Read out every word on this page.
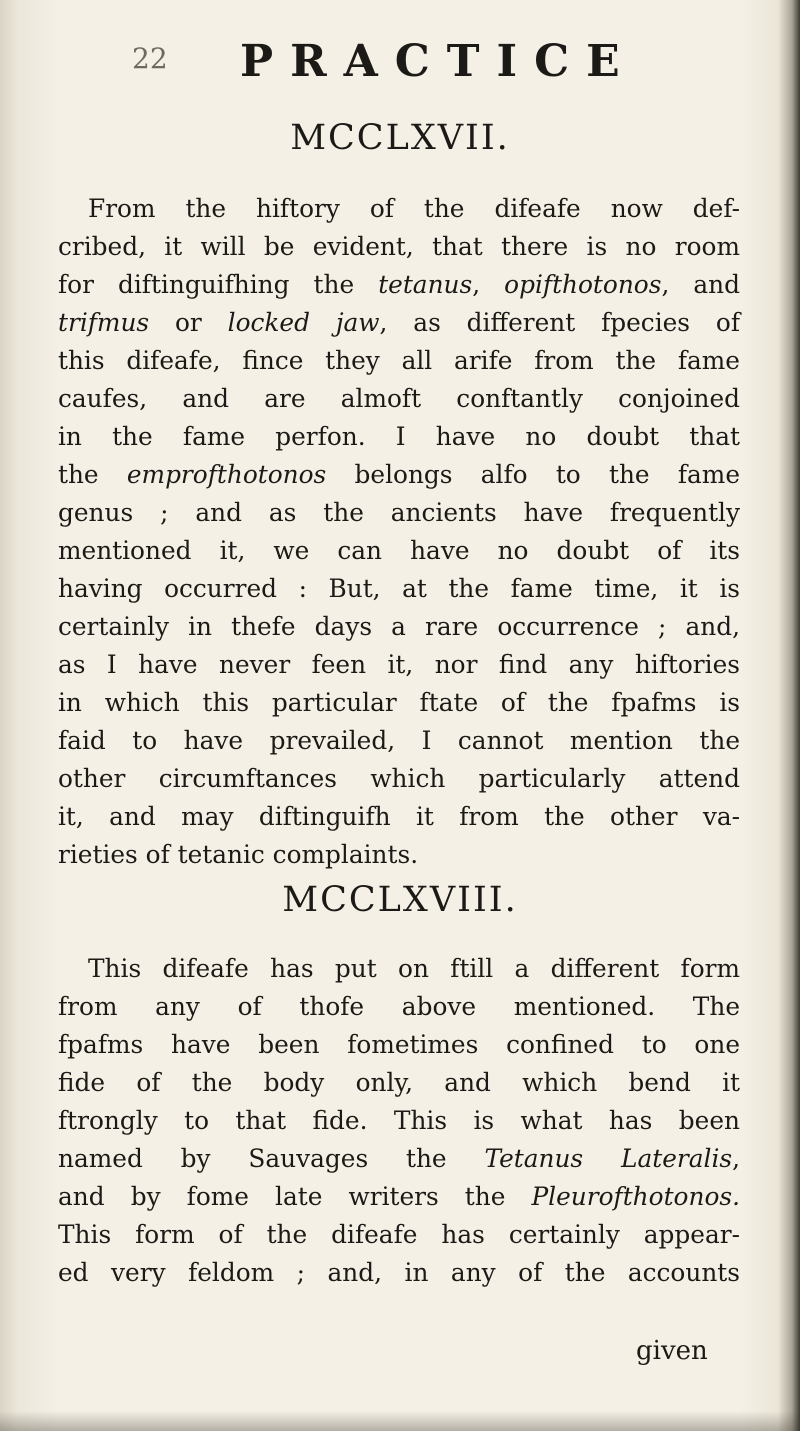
22 PRACTICE
MCCLXVII.
From the hiftory of the difeafe now def-
cribed, it will be evident, that there is no room
for diftinguifhing the tetanus, opifthotonos, and
trifmus or locked jaw, as different fpecies of
this difeafe, fince they all arife from the fame
caufes, and are almoft conftantly conjoined
in the fame perfon. I have no doubt that
the emprofthotonos belongs alfo to the fame
genus ; and as the ancients have frequently
mentioned it, we can have no doubt of its
having occurred : But, at the fame time, it is
certainly in thefe days a rare occurrence ; and,
as I have never feen it, nor find any hiftories
in which this particular ftate of the fpafms is
faid to have prevailed, I cannot mention the
other circumftances which particularly attend
it, and may diftinguifh it from the other va-
rieties of tetanic complaints.
MCCLXVIII.
This difeafe has put on ftill a different form
from any of thofe above mentioned. The
fpafms have been fometimes confined to one
fide of the body only, and which bend it
ftrongly to that fide. This is what has been
named by Sauvages the Tetanus Lateralis,
and by fome late writers the Pleurofthotonos.
This form of the difeafe has certainly appear-
ed very feldom ; and, in any of the accounts
given
